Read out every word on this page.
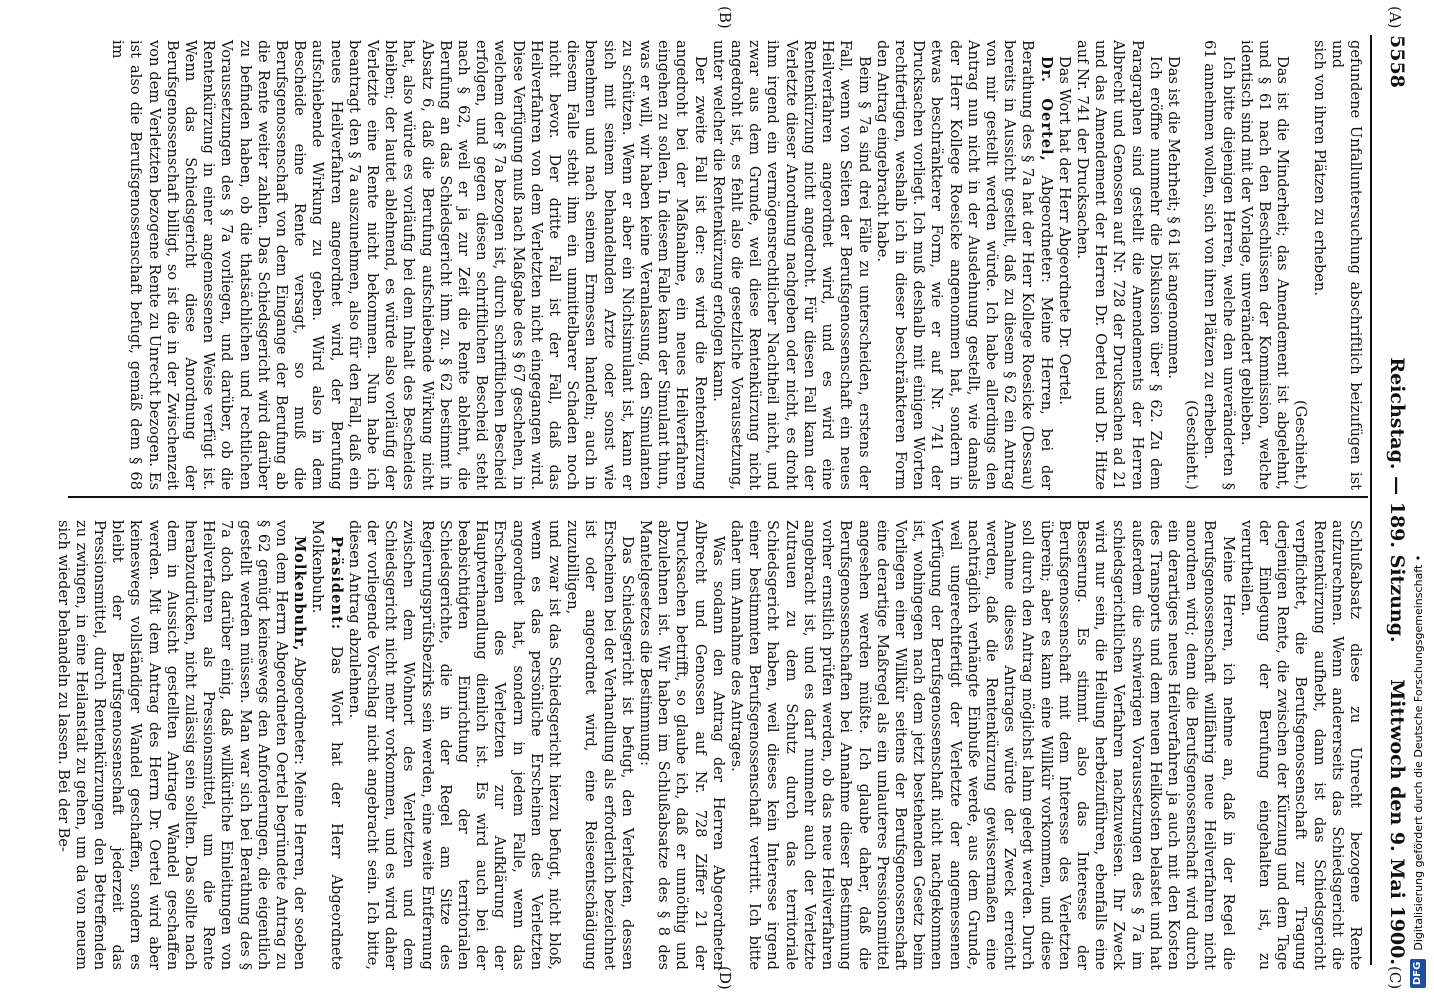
5558
Reichstag. — 189. Sitzung.
Mittwoch den 9. Mai 1900.
(A)
(B)
(C)
(D)

gefundene Unfalluntersuchung abschriftlich beizufügen ist und

sich von ihren Plätzen zu erheben.

(Geschieht.)

Das ist die Minderheit; das Amendement ist abgelehnt, und § 61 nach den Beschlüssen der Kommission, welche identisch sind mit der Vorlage, unverändert geblieben.

Ich bitte diejenigen Herren, welche den unveränderten § 61 annehmen wollen, sich von ihren Plätzen zu erheben.

(Geschieht.)

Das ist die Mehrheit; § 61 ist angenommen.

Ich eröffne nunmehr die Diskussion über § 62. Zu dem Paragraphen sind gestellt die Amendements der Herren Albrecht und Genossen auf Nr. 728 der Drucksachen ad 21 und das Amendement der Herren Dr. Oertel und Dr. Hitze auf Nr. 741 der Drucksachen.

Das Wort hat der Herr Abgeordnete Dr. Oertel.

Dr. Oertel, Abgeordneter: Meine Herren, bei der Berathung des § 7a hat der Herr Kollege Roesicke (Dessau) bereits in Aussicht gestellt, daß zu diesem § 62 ein Antrag von mir gestellt werden würde. Ich habe allerdings den Antrag nun nicht in der Ausdehnung gestellt, wie damals der Herr Kollege Roesicke angenommen hat, sondern in etwas beschränkterer Form, wie er auf Nr. 741 der Drucksachen vorliegt. Ich muß deshalb mit einigen Worten rechtfertigen, weshalb ich in dieser beschränkteren Form den Antrag eingebracht habe.

Beim § 7a sind drei Fälle zu unterscheiden, erstens der Fall, wenn von Seiten der Berufsgenossenschaft ein neues Heilverfahren angeordnet wird, und es wird eine Rentenkürzung nicht angedroht. Für diesen Fall kann der Verletzte dieser Anordnung nachgeben oder nicht, es droht ihm irgend ein vermögensrechtlicher Nachtheil nicht, und zwar aus dem Grunde, weil diese Rentenkürzung nicht angedroht ist, es fehlt also die gesetzliche Voraussetzung, unter welcher die Rentenkürzung erfolgen kann.

Der zweite Fall ist der: es wird die Rentenkürzung angedroht bei der Maßnahme, ein neues Heilverfahren eingehen zu sollen. In diesem Falle kann der Simulant thun, was er will, wir haben keine Veranlassung, den Simulanten zu schützen. Wenn er aber ein Nichtsimulant ist, kann er sich mit seinem behandelnden Arzte oder sonst wie benehmen und nach seinem Ermessen handeln; auch in diesem Falle steht ihm ein unmittelbarer Schaden noch nicht bevor. Der dritte Fall ist der Fall, daß das Heilverfahren von dem Verletzten nicht eingegangen wird. Diese Verfügung muß nach Maßgabe des § 67 geschehen, in welchem der § 7a bezogen ist, durch schriftlichen Bescheid erfolgen, und gegen diesen schriftlichen Bescheid steht nach § 62, weil er ja zur Zeit die Rente ablehnt, die Berufung an das Schiedsgericht ihm zu. § 62 bestimmt in Absatz 6, daß die Berufung aufschiebende Wirkung nicht hat, also würde es vorläufig bei dem Inhalt des Bescheides bleiben; der lautet ablehnend, es würde also vorläufig der Verletzte eine Rente nicht bekommen. Nun habe ich beantragt den § 7a auszunehmen, also für den Fall, daß ein neues Heilverfahren angeordnet wird, der Berufung aufschiebende Wirkung zu geben. Wird also in dem Bescheide eine Rente versagt, so muß die Berufsgenossenschaft von dem Eingange der Berufung ab die Rente weiter zahlen. Das Schiedsgericht wird darüber zu befinden haben, ob die thatsächlichen und rechtlichen Voraussetzungen des § 7a vorliegen, und darüber, ob die Rentenkürzung in einer angemessenen Weise verfügt ist. Wenn das Schiedsgericht diese Anordnung der Berufsgenossenschaft billigt, so ist die in der Zwischenzeit von dem Verletzten bezogene Rente zu Unrecht bezogen. Es ist also die Berufsgenossenschaft befugt, gemäß dem § 68 im

Schlußabsatz diese zu Unrecht bezogene Rente aufzurechnen. Wenn andererseits das Schiedsgericht die Rentenkürzung aufhebt, dann ist das Schiedsgericht verpflichtet, die Berufsgenossenschaft zur Tragung derjenigen Rente, die zwischen der Kürzung und dem Tage der Einlegung der Berufung eingehalten ist, zu verurtheilen.

Meine Herren, ich nehme an, daß in der Regel die Berufsgenossenschaft willfährig neue Heilverfahren nicht anordnen wird; denn die Berufsgenossenschaft wird durch ein derartiges neues Heilverfahren ja auch mit den Kosten des Transports und dem neuen Heilkosten belastet und hat außerdem die schwierigen Voraussetzungen des § 7a im schiedsgerichtlichen Verfahren nachzuweisen. Ihr Zweck wird nur sein, die Heilung herbeizuführen, ebenfalls eine Besserung. Es stimmt also das Interesse der Berufsgenossenschaft mit dem Interesse des Verletzten überein; aber es kann eine Willkür vorkommen, und diese soll durch den Antrag möglichst lahm gelegt werden. Durch Annahme dieses Antrages würde der Zweck erreicht werden, daß die Rentenkürzung gewissermaßen eine nachträglich verhängte Einbuße werde, aus dem Grunde, weil ungerechtfertigt der Verletzte der angemessenen Verfügung der Berufsgenossenschaft nicht nachgekommen ist, wohingegen nach dem jetzt bestehenden Gesetz beim Vorliegen einer Willkür seitens der Berufsgenossenschaft eine derartige Maßregel als ein unlauteres Pressionsmittel angesehen werden müßte. Ich glaube daher, daß die Berufsgenossenschaften bei Annahme dieser Bestimmung vorher ernstlich prüfen werden, ob das neue Heilverfahren angebracht ist, und es darf nunmehr auch der Verletzte Zutrauen zu dem Schutz durch das territoriale Schiedsgericht haben, weil dieses kein Interesse irgend einer bestimmten Berufsgenossenschaft vertritt. Ich bitte daher um Annahme des Antrages.

Was sodann den Antrag der Herren Abgeordneten Albrecht und Genossen auf Nr. 728 Ziffer 21 der Drucksachen betrifft, so glaube ich, daß er unnöthig und abzulehnen ist. Wir haben im Schlußabsatze des § 8 des Mantelgesetzes die Bestimmung:

Das Schiedsgericht ist befugt, den Verletzten, dessen Erscheinen bei der Verhandlung als erforderlich bezeichnet ist oder angeordnet wird, eine Reiseentschädigung zuzubilligen,

und zwar ist das Schiedsgericht hierzu befugt, nicht bloß, wenn es das persönliche Erscheinen des Verletzten angeordnet hat, sondern in jedem Falle, wenn das Erscheinen des Verletzten zur Aufklärung der Hauptverhandlung dienlich ist. Es wird auch bei der beabsichtigten Einrichtung der territorialen Schiedsgerichte, die in der Regel am Sitze des Regierungsprüfsbezirks sein werden, eine weite Entfernung zwischen dem Wohnort des Verletzten und dem Schiedsgericht nicht mehr vorkommen, und es wird daher der vorliegende Vorschlag nicht angebracht sein. Ich bitte, diesen Antrag abzulehnen.

Präsident: Das Wort hat der Herr Abgeordnete Molkenbuhr.

Molkenbuhr, Abgeordneter: Meine Herren, der soeben von dem Herrn Abgeordneten Oertel begründete Antrag zu § 62 genügt keineswegs den Anforderungen, die eigentlich gestellt werden müssen. Man war sich bei Berathung des § 7a doch darüber einig, daß willkürliche Einleitungen von Heilverfahren als Pressionsmittel, um die Rente herabzudrücken, nicht zulässig sein sollten. Das sollte nach dem in Aussicht gestellten Antrage Wandel geschaffen werden. Mit dem Antrag des Herrn Dr. Oertel wird aber keineswegs vollständiger Wandel geschaffen, sondern es bleibt der Berufsgenossenschaft jederzeit das Pressionsmittel, durch Rentenkürzungen den Betreffenden zu zwingen, in eine Heilanstalt zu gehen, um da von neuem sich wieder behandeln zu lassen. Bei der Be-

DFG
Digitalisierung gefördert durch die Deutsche Forschungsgemeinschaft •
